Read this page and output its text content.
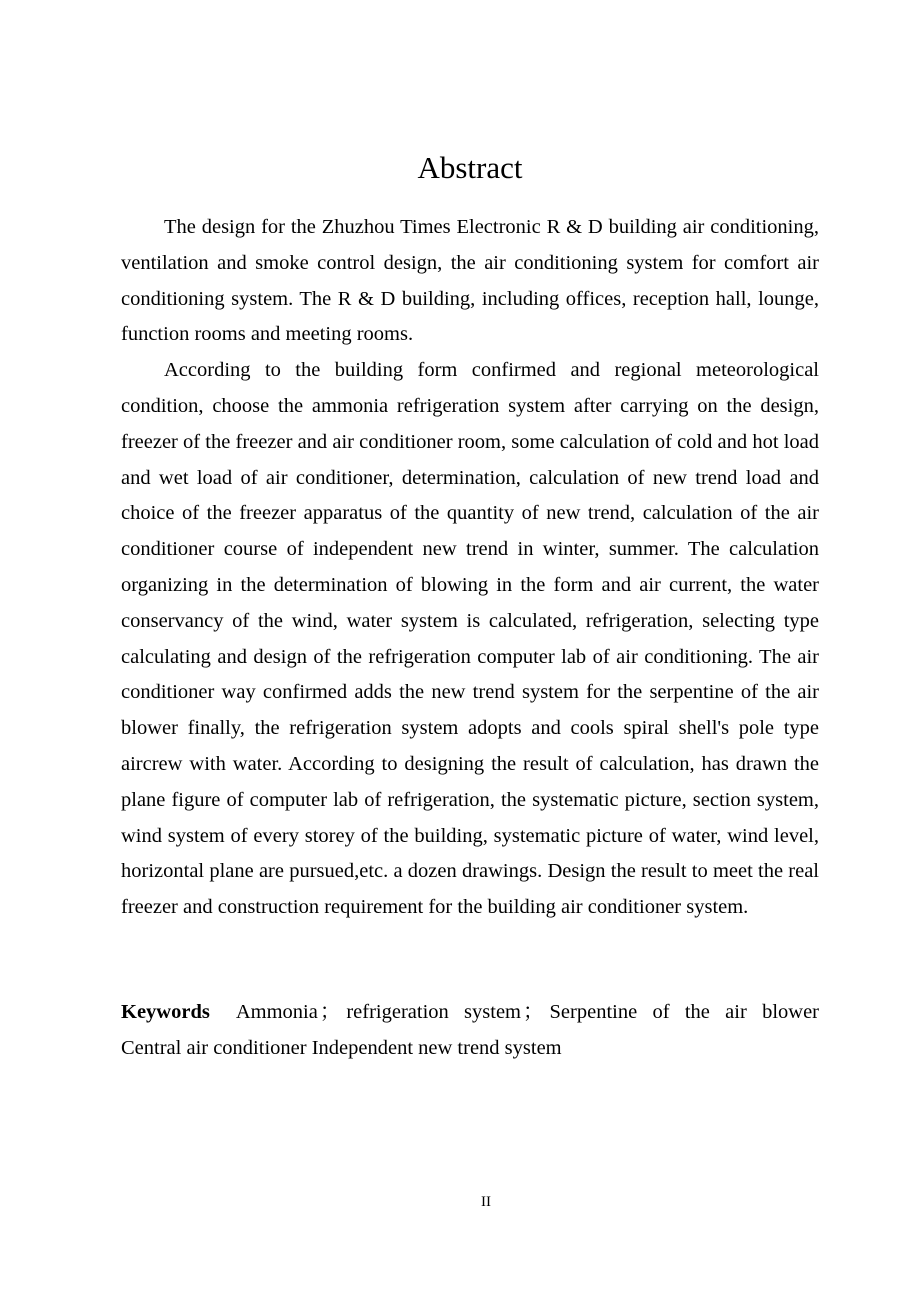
Abstract

The design for the Zhuzhou Times Electronic R & D building air conditioning, ventilation and smoke control design, the air conditioning system for comfort air conditioning system. The R & D building, including offices, reception hall, lounge, function rooms and meeting rooms.

According to the building form confirmed and regional meteorological condition, choose the ammonia refrigeration system after carrying on the design, freezer of the freezer and air conditioner room, some calculation of cold and hot load and wet load of air conditioner, determination, calculation of new trend load and choice of the freezer apparatus of the quantity of new trend, calculation of the air conditioner course of independent new trend in winter, summer. The calculation organizing in the determination of blowing in the form and air current, the water conservancy of the wind, water system is calculated, refrigeration, selecting type calculating and design of the refrigeration computer lab of air conditioning. The air conditioner way confirmed adds the new trend system for the serpentine of the air blower finally, the refrigeration system adopts and cools spiral shell's pole type aircrew with water. According to designing the result of calculation, has drawn the plane figure of computer lab of refrigeration, the systematic picture, section system, wind system of every storey of the building, systematic picture of water, wind level, horizontal plane are pursued,etc. a dozen drawings. Design the result to meet the real freezer and construction requirement for the building air conditioner system.

Keywords Ammonia； refrigeration system； Serpentine of the air blower Central air conditioner Independent new trend system

II
